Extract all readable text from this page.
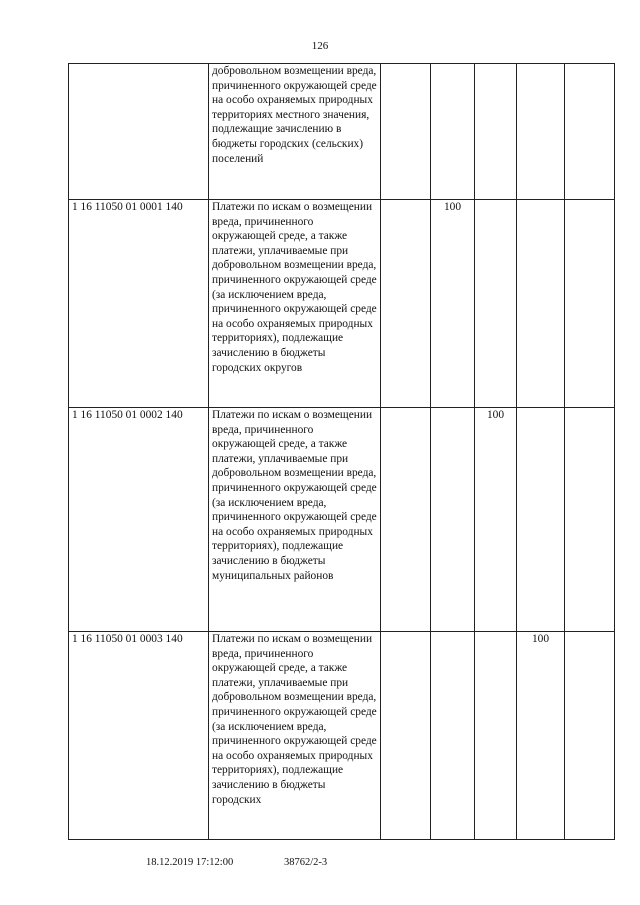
126
	добровольном возмещении вреда, причиненного окружающей среде на особо охраняемых природных территориях местного значения, подлежащие зачислению в бюджеты городских (сельских) поселений					
1 16 11050 01 0001 140	Платежи по искам о возмещении вреда, причиненного окружающей среде, а также платежи, уплачиваемые при добровольном возмещении вреда, причиненного окружающей среде (за исключением вреда, причиненного окружающей среде на особо охраняемых природных территориях), подлежащие зачислению в бюджеты городских округов		100			
1 16 11050 01 0002 140	Платежи по искам о возмещении вреда, причиненного окружающей среде, а также платежи, уплачиваемые при добровольном возмещении вреда, причиненного окружающей среде (за исключением вреда, причиненного окружающей среде на особо охраняемых природных территориях), подлежащие зачислению в бюджеты муниципальных районов			100		
1 16 11050 01 0003 140	Платежи по искам о возмещении вреда, причиненного окружающей среде, а также платежи, уплачиваемые при добровольном возмещении вреда, причиненного окружающей среде (за исключением вреда, причиненного окружающей среде на особо охраняемых природных территориях), подлежащие зачислению в бюджеты городских				100	
18.12.2019 17:12:00	38762/2-3
